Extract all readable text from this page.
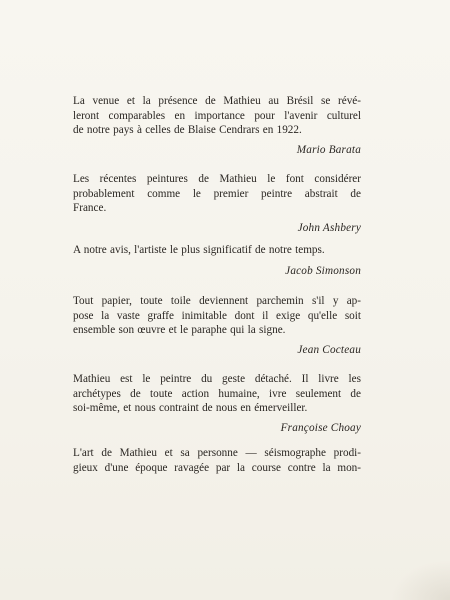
La venue et la présence de Mathieu au Brésil se révé-
leront comparables en importance pour l'avenir culturel
de notre pays à celles de Blaise Cendrars en 1922.

Mario Barata

Les récentes peintures de Mathieu le font considérer
probablement comme le premier peintre abstrait de
France.

John Ashbery

A notre avis, l'artiste le plus significatif de notre temps.

Jacob Simonson

Tout papier, toute toile deviennent parchemin s'il y ap-
pose la vaste graffe inimitable dont il exige qu'elle soit
ensemble son œuvre et le paraphe qui la signe.

Jean Cocteau

Mathieu est le peintre du geste détaché. Il livre les
archétypes de toute action humaine, ivre seulement de
soi-même, et nous contraint de nous en émerveiller.

Françoise Choay

L'art de Mathieu et sa personne — séismographe prodi-
gieux d'une époque ravagée par la course contre la mon-
